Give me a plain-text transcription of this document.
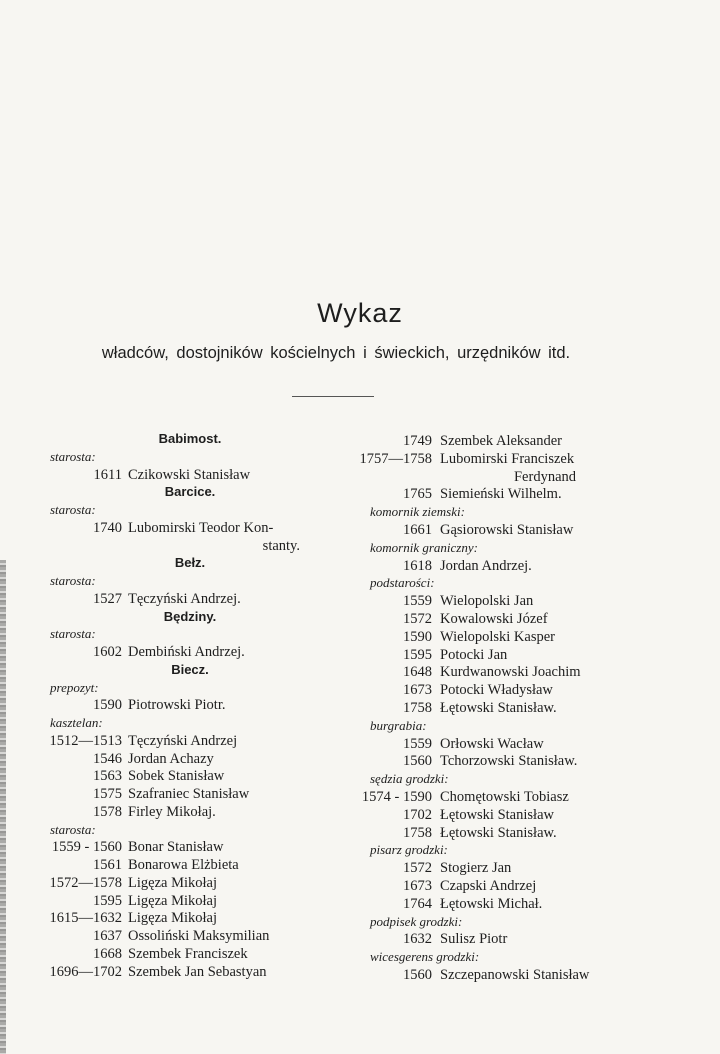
Wykaz
władców, dostojników kościelnych i świeckich, urzędników itd.
Babimost.
starosta:
1611 Czikowski Stanisław
Barcice.
starosta:
1740 Lubomirski Teodor Kon-
stanty.
Bełz.
starosta:
1527 Tęczyński Andrzej.
Będziny.
starosta:
1602 Dembiński Andrzej.
Biecz.
prepozyt:
1590 Piotrowski Piotr.
kasztelan:
1512—1513 Tęczyński Andrzej
1546 Jordan Achazy
1563 Sobek Stanisław
1575 Szafraniec Stanisław
1578 Firley Mikołaj.
starosta:
1559 - 1560 Bonar Stanisław
1561 Bonarowa Elżbieta
1572—1578 Ligęza Mikołaj
1595 Ligęza Mikołaj
1615—1632 Ligęza Mikołaj
1637 Ossoliński Maksymilian
1668 Szembek Franciszek
1696—1702 Szembek Jan Sebastyan
1749 Szembek Aleksander
1757—1758 Lubomirski Franciszek
Ferdynand
1765 Siemieński Wilhelm.
komornik ziemski:
1661 Gąsiorowski Stanisław
komornik graniczny:
1618 Jordan Andrzej.
podstarości:
1559 Wielopolski Jan
1572 Kowalowski Józef
1590 Wielopolski Kasper
1595 Potocki Jan
1648 Kurdwanowski Joachim
1673 Potocki Władysław
1758 Łętowski Stanisław.
burgrabia:
1559 Orłowski Wacław
1560 Tchorzowski Stanisław.
sędzia grodzki:
1574 - 1590 Chomętowski Tobiasz
1702 Łętowski Stanisław
1758 Łętowski Stanisław.
pisarz grodzki:
1572 Stogierz Jan
1673 Czapski Andrzej
1764 Łętowski Michał.
podpisek grodzki:
1632 Sulisz Piotr
wicesgerens grodzki:
1560 Szczepanowski Stanisław
